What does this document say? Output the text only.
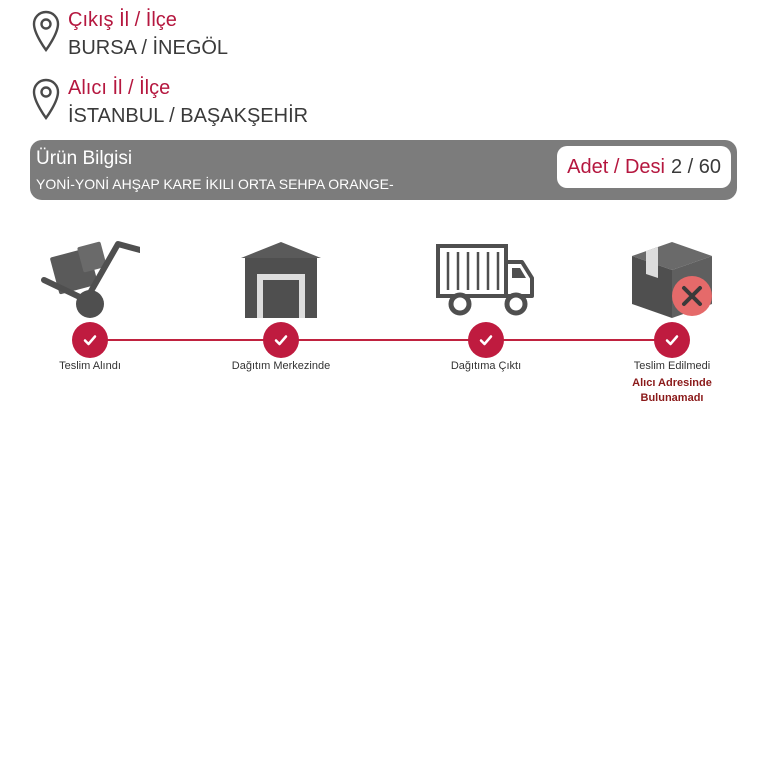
Çıkış İl / İlçe
BURSA / İNEGÖL
Alıcı İl / İlçe
İSTANBUL / BAŞAKŞEHİR
Ürün Bilgisi
YONİ-YONİ AHŞAP KARE İKILI ORTA SEHPA ORANGE-
Adet / Desi 2 / 60
Teslim Alındı	Dağıtım Merkezinde	Dağıtıma Çıktı	Teslim Edilmedi
Alıcı Adresinde
Bulunamadı
